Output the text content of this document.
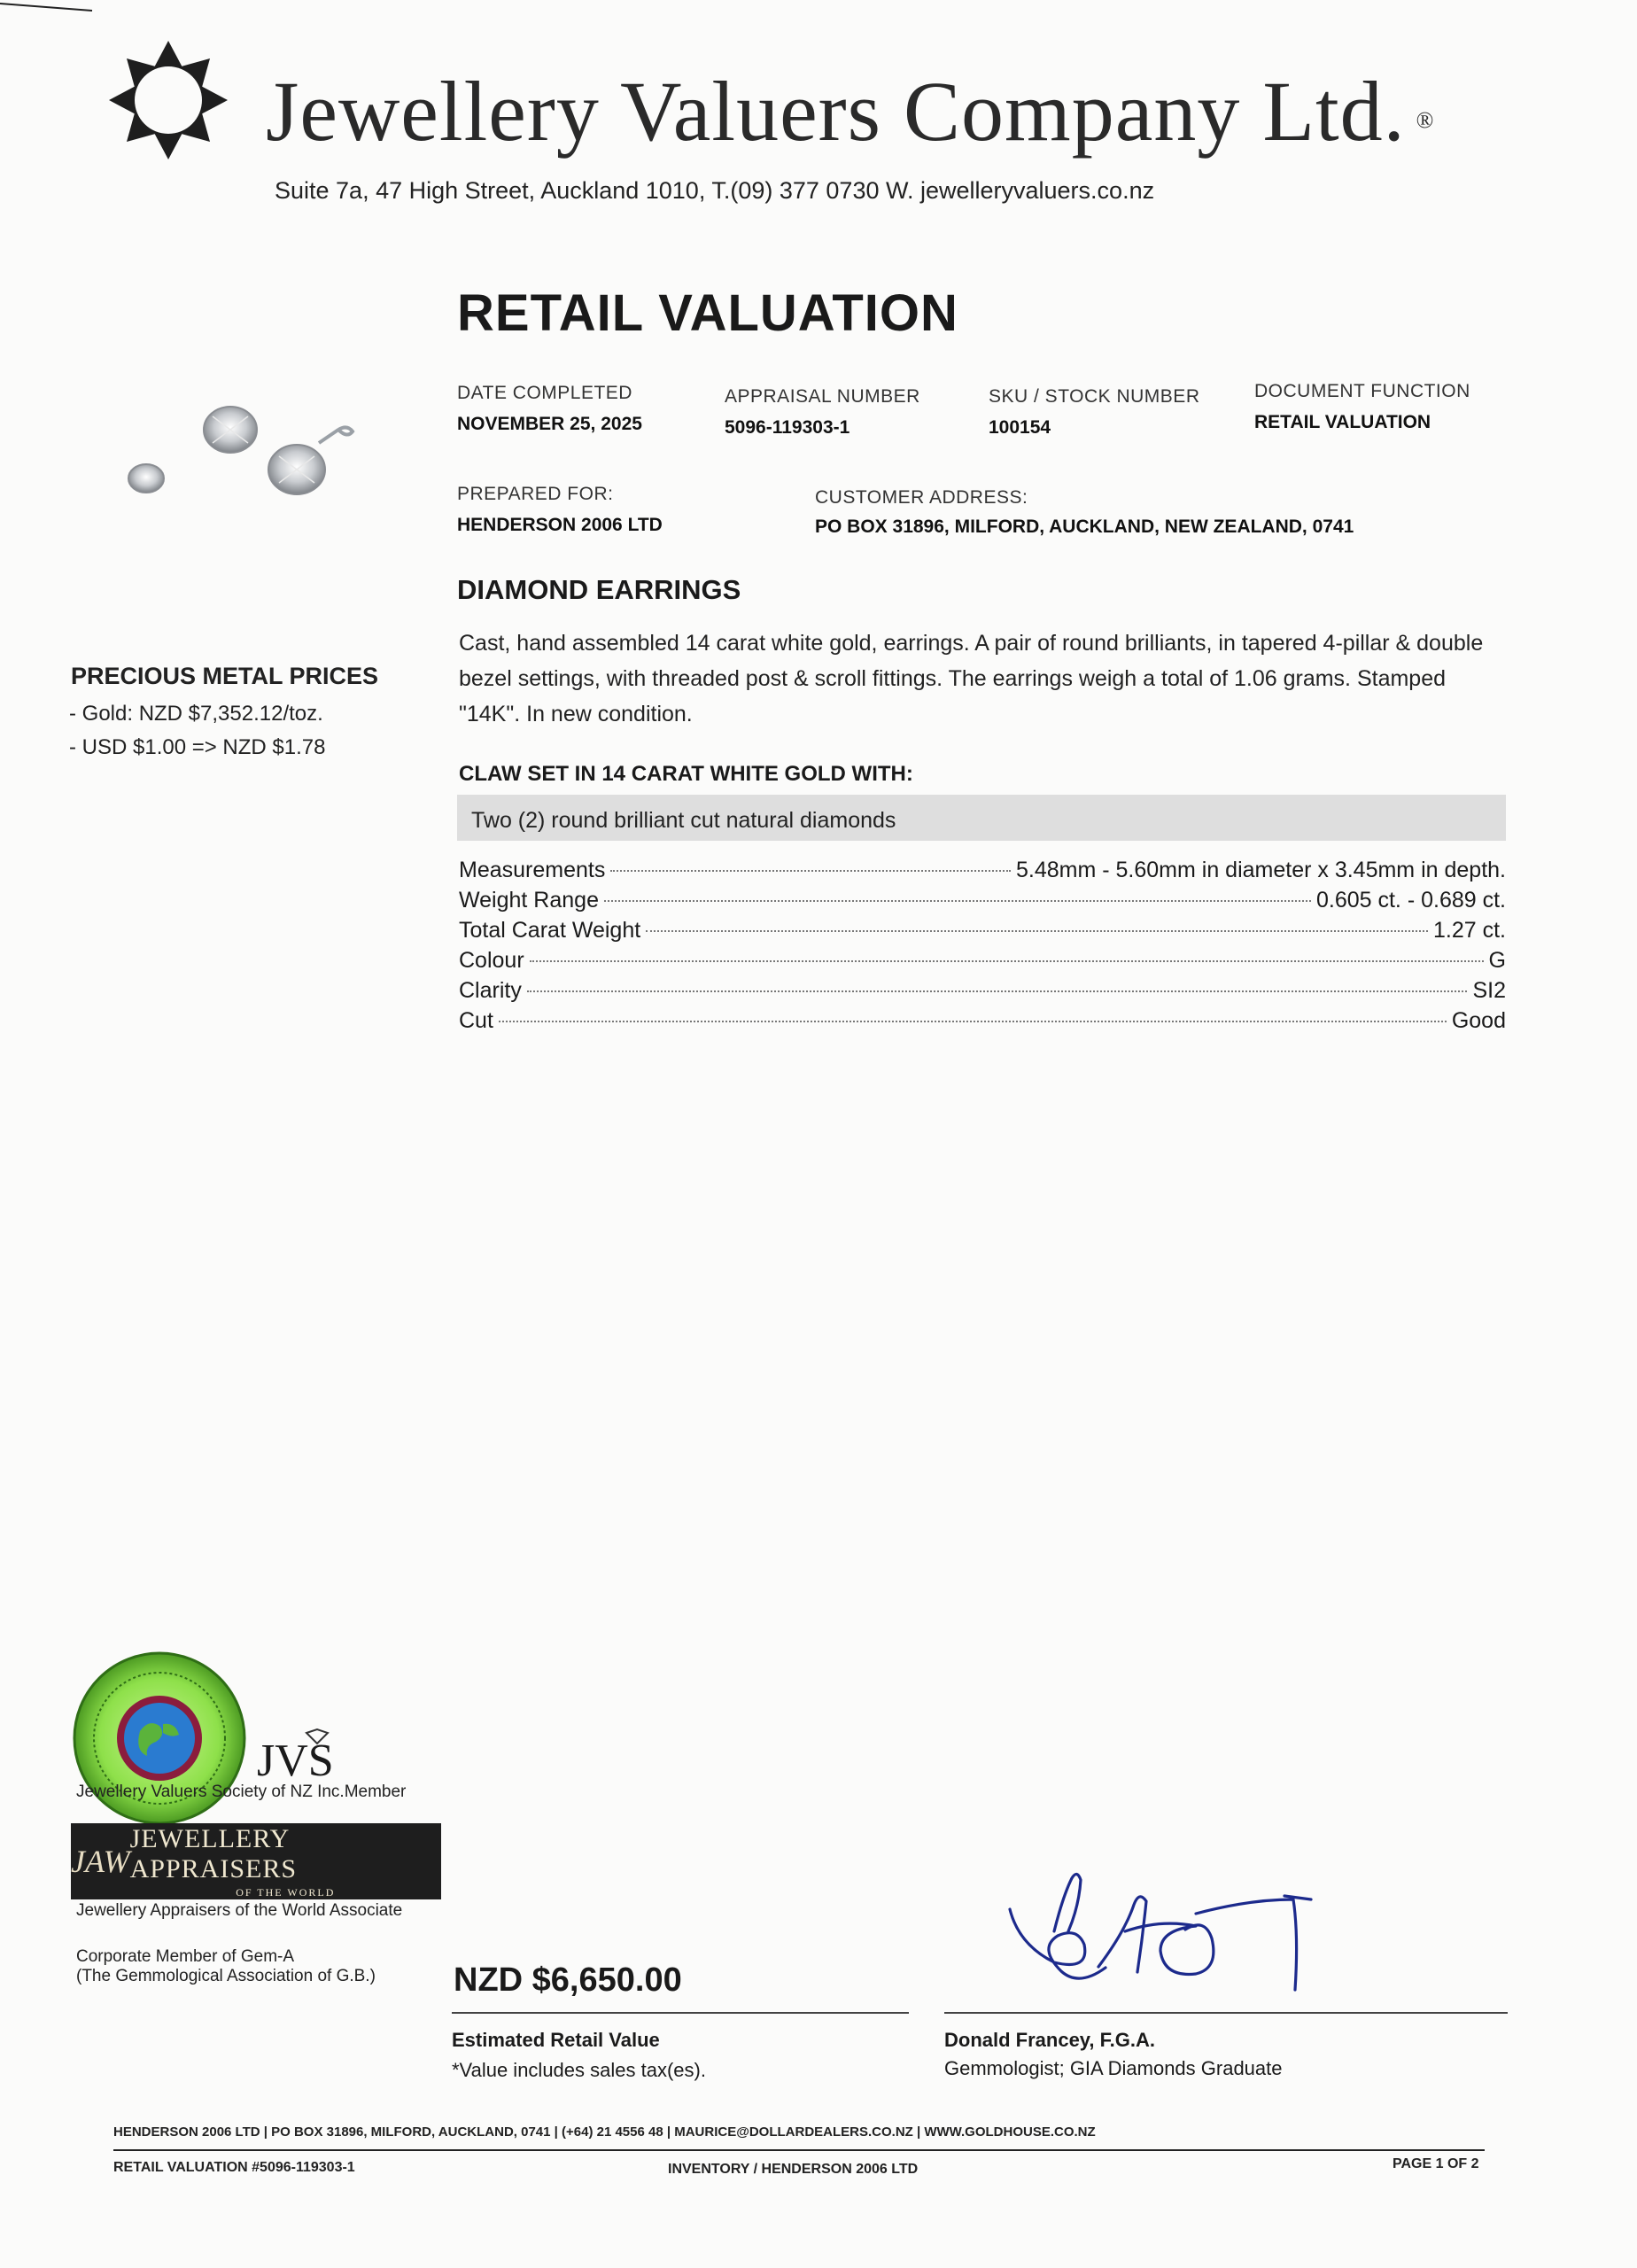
Jewellery Valuers Company Ltd. ®
Suite 7a, 47 High Street, Auckland 1010, T.(09) 377 0730 W. jewelleryvaluers.co.nz
RETAIL VALUATION
DATE COMPLETED
NOVEMBER 25, 2025
APPRAISAL NUMBER
5096-119303-1
SKU / STOCK NUMBER
100154
DOCUMENT FUNCTION
RETAIL VALUATION
PREPARED FOR:
HENDERSON 2006 LTD
CUSTOMER ADDRESS:
PO BOX 31896, MILFORD, AUCKLAND, NEW ZEALAND, 0741
PRECIOUS METAL PRICES
- Gold: NZD $7,352.12/toz.
- USD $1.00 => NZD $1.78
DIAMOND EARRINGS
Cast, hand assembled 14 carat white gold, earrings. A pair of round brilliants, in tapered 4-pillar & double bezel settings, with threaded post & scroll fittings. The earrings weigh a total of 1.06 grams. Stamped "14K". In new condition.
CLAW SET IN 14 CARAT WHITE GOLD WITH:
Two (2) round brilliant cut natural diamonds
Measurements	5.48mm - 5.60mm in diameter x 3.45mm in depth.
Weight Range	0.605 ct. - 0.689 ct.
Total Carat Weight	1.27 ct.
Colour	G
Clarity	SI2
Cut	Good
JVS
Jewellery Valuers Society of NZ Inc.Member
JAW
JEWELLERY APPRAISERS
OF THE WORLD
Jewellery Appraisers of the World Associate
Corporate Member of Gem-A
(The Gemmological Association of G.B.) NZD $6,650.00
Estimated Retail Value
*Value includes sales tax(es).
Donald Francey, F.G.A.
Gemmologist; GIA Diamonds Graduate
HENDERSON 2006 LTD | PO BOX 31896, MILFORD, AUCKLAND, 0741 | (+64) 21 4556 48 | MAURICE@DOLLARDEALERS.CO.NZ | WWW.GOLDHOUSE.CO.NZ
RETAIL VALUATION #5096-119303-1	INVENTORY / HENDERSON 2006 LTD	PAGE 1 OF 2
